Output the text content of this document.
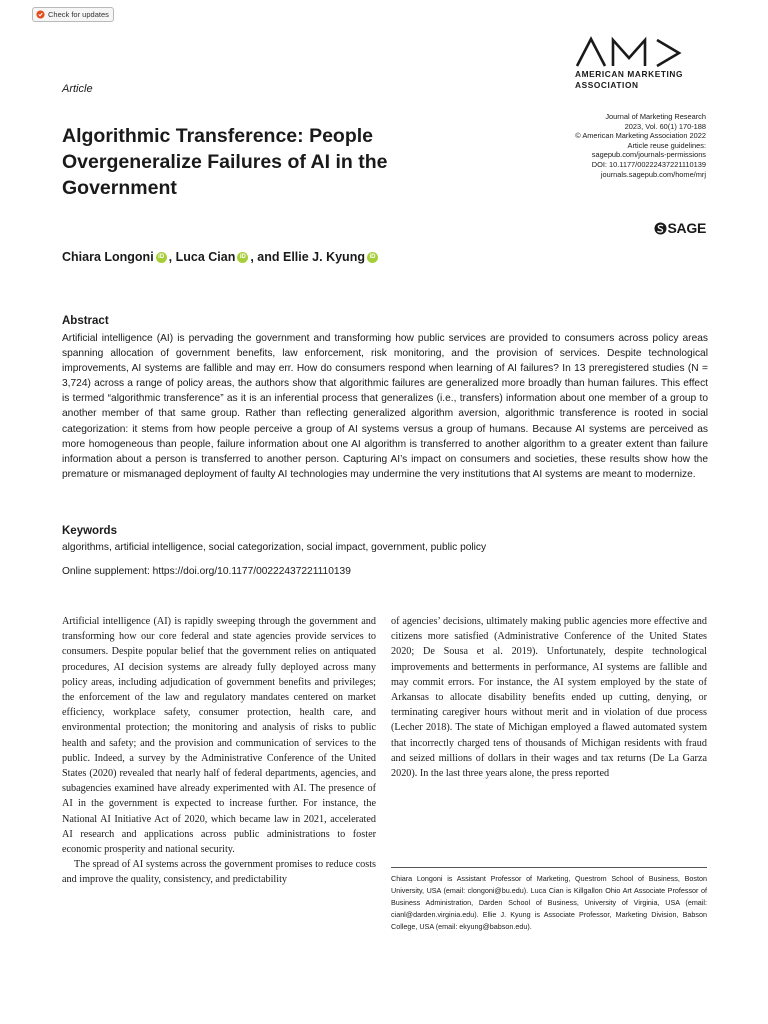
Check for updates
AMERICAN MARKETING
ASSOCIATION
Article
Journal of Marketing Research
2023, Vol. 60(1) 170-188
© American Marketing Association 2022
Article reuse guidelines:
sagepub.com/journals-permissions
DOI: 10.1177/00222437221110139
journals.sagepub.com/home/mrj
SAGE
Algorithmic Transference: People Overgeneralize Failures of AI in the Government
Chiara Longoni iD , Luca Cian iD , and Ellie J. Kyung iD
Abstract

Artificial intelligence (AI) is pervading the government and transforming how public services are provided to consumers across policy areas spanning allocation of government benefits, law enforcement, risk monitoring, and the provision of services. Despite technological improvements, AI systems are fallible and may err. How do consumers respond when learning of AI failures? In 13 preregistered studies (N = 3,724) across a range of policy areas, the authors show that algorithmic failures are generalized more broadly than human failures. This effect is termed “algorithmic transference” as it is an inferential process that generalizes (i.e., transfers) information about one member of a group to another member of that same group. Rather than reflecting generalized algorithm aversion, algorithmic transference is rooted in social categorization: it stems from how people perceive a group of AI systems versus a group of humans. Because AI systems are perceived as more homogeneous than people, failure information about one AI algorithm is transferred to another algorithm to a greater extent than failure information about a person is transferred to another person. Capturing AI’s impact on consumers and societies, these results show how the premature or mismanaged deployment of faulty AI technologies may undermine the very institutions that AI systems are meant to modernize.

Keywords
algorithms, artificial intelligence, social categorization, social impact, government, public policy
Online supplement: https://doi.org/10.1177/00222437221110139

Artificial intelligence (AI) is rapidly sweeping through the government and transforming how our core federal and state agencies provide services to consumers. Despite popular belief that the government relies on antiquated procedures, AI decision systems are already fully deployed across many policy areas, including adjudication of government benefits and privileges; the enforcement of the law and regulatory mandates centered on market efficiency, workplace safety, consumer protection, health care, and environmental protection; the monitoring and analysis of risks to public health and safety; and the provision and communication of services to the public. Indeed, a survey by the Administrative Conference of the United States (2020) revealed that nearly half of federal departments, agencies, and subagencies examined have already experimented with AI. The presence of AI in the government is expected to increase further. For instance, the National AI Initiative Act of 2020, which became law in 2021, accelerated AI research and applications across public administrations to foster economic prosperity and national security.

The spread of AI systems across the government promises to reduce costs and improve the quality, consistency, and predictability

of agencies’ decisions, ultimately making public agencies more effective and citizens more satisfied (Administrative Conference of the United States 2020; De Sousa et al. 2019). Unfortunately, despite technological improvements and betterments in performance, AI systems are fallible and may commit errors. For instance, the AI system employed by the state of Arkansas to allocate disability benefits ended up cutting, denying, or terminating caregiver hours without merit and in violation of due process (Lecher 2018). The state of Michigan employed a flawed automated system that incorrectly charged tens of thousands of Michigan residents with fraud and seized millions of dollars in their wages and tax returns (De La Garza 2020). In the last three years alone, the press reported

Chiara Longoni is Assistant Professor of Marketing, Questrom School of Business, Boston University, USA (email: clongoni@bu.edu). Luca Cian is Killgallon Ohio Art Associate Professor of Business Administration, Darden School of Business, University of Virginia, USA (email: cianl@darden.virginia.edu). Ellie J. Kyung is Associate Professor, Marketing Division, Babson College, USA (email: ekyung@babson.edu).
